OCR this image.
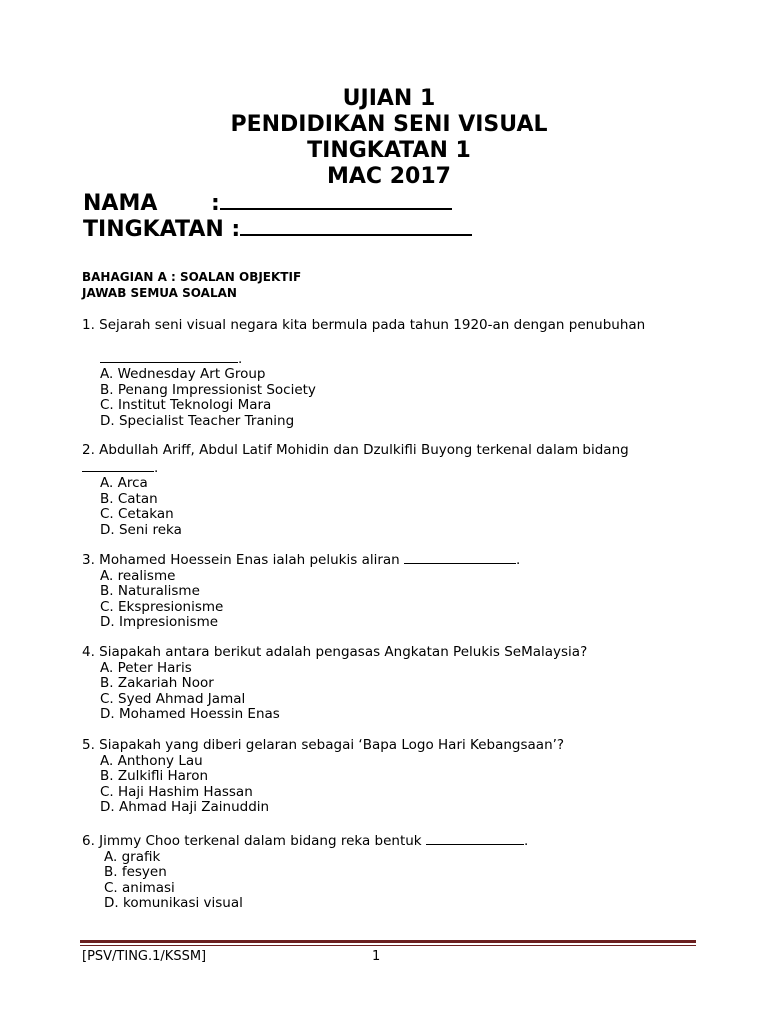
UJIAN 1
PENDIDIKAN SENI VISUAL
TINGKATAN 1
MAC 2017
NAMA       :
TINGKATAN :
BAHAGIAN A : SOALAN OBJEKTIF
JAWAB SEMUA SOALAN
1. Sejarah seni visual negara kita bermula pada tahun 1920-an dengan penubuhan
.
A. Wednesday Art Group
B. Penang Impressionist Society
C. Institut Teknologi Mara
D. Specialist Teacher Traning
2. Abdullah Ariff, Abdul Latif Mohidin dan Dzulkifli Buyong terkenal dalam bidang
.
A. Arca
B. Catan
C. Cetakan
D. Seni reka
3. Mohamed Hoessein Enas ialah pelukis aliran	.
A. realisme
B. Naturalisme
C. Ekspresionisme
D. Impresionisme
4. Siapakah antara berikut adalah pengasas Angkatan Pelukis SeMalaysia?
A. Peter Haris
B. Zakariah Noor
C. Syed Ahmad Jamal
D. Mohamed Hoessin Enas
5. Siapakah yang diberi gelaran sebagai ‘Bapa Logo Hari Kebangsaan’?
A. Anthony Lau
B. Zulkifli Haron
C. Haji Hashim Hassan
D. Ahmad Haji Zainuddin
6. Jimmy Choo terkenal dalam bidang reka bentuk	.
A. grafik
B. fesyen
C. animasi
D. komunikasi visual
[PSV/TING.1/KSSM]	1
